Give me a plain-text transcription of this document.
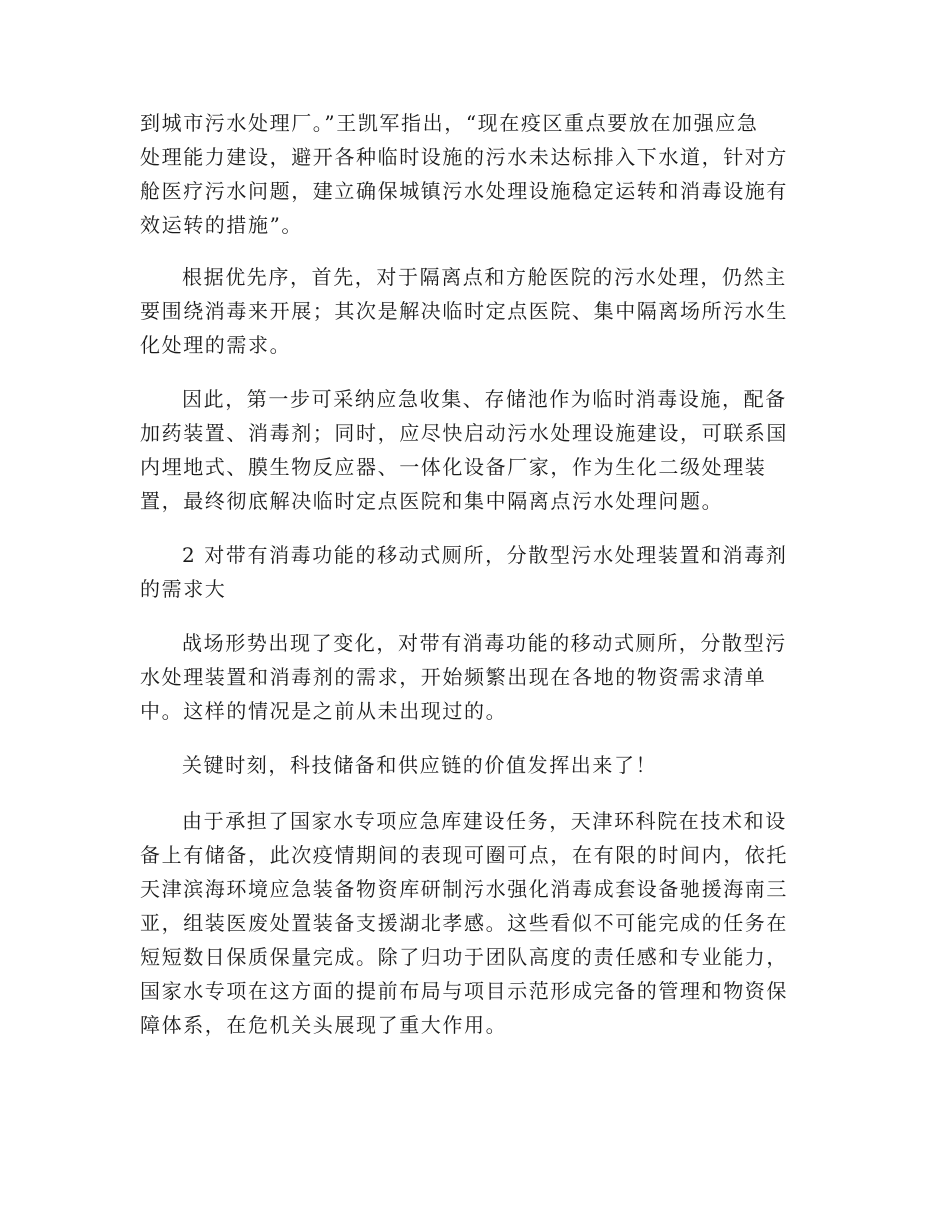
到城市污水处理厂。”王凯军指出，“现在疫区重点要放在加强应急
处理能力建设，避开各种临时设施的污水未达标排入下水道，针对方
舱医疗污水问题，建立确保城镇污水处理设施稳定运转和消毒设施有
效运转的措施”。
根据优先序，首先，对于隔离点和方舱医院的污水处理，仍然主
要围绕消毒来开展；其次是解决临时定点医院、集中隔离场所污水生
化处理的需求。
因此，第一步可采纳应急收集、存储池作为临时消毒设施，配备
加药装置、消毒剂；同时，应尽快启动污水处理设施建设，可联系国
内埋地式、膜生物反应器、一体化设备厂家，作为生化二级处理装
置，最终彻底解决临时定点医院和集中隔离点污水处理问题。
2 对带有消毒功能的移动式厕所，分散型污水处理装置和消毒剂
的需求大
战场形势出现了变化，对带有消毒功能的移动式厕所，分散型污
水处理装置和消毒剂的需求，开始频繁出现在各地的物资需求清单
中。这样的情况是之前从未出现过的。
关键时刻，科技储备和供应链的价值发挥出来了！
由于承担了国家水专项应急库建设任务，天津环科院在技术和设
备上有储备，此次疫情期间的表现可圈可点，在有限的时间内，依托
天津滨海环境应急装备物资库研制污水强化消毒成套设备驰援海南三
亚，组装医废处置装备支援湖北孝感。这些看似不可能完成的任务在
短短数日保质保量完成。除了归功于团队高度的责任感和专业能力，
国家水专项在这方面的提前布局与项目示范形成完备的管理和物资保
障体系，在危机关头展现了重大作用。
